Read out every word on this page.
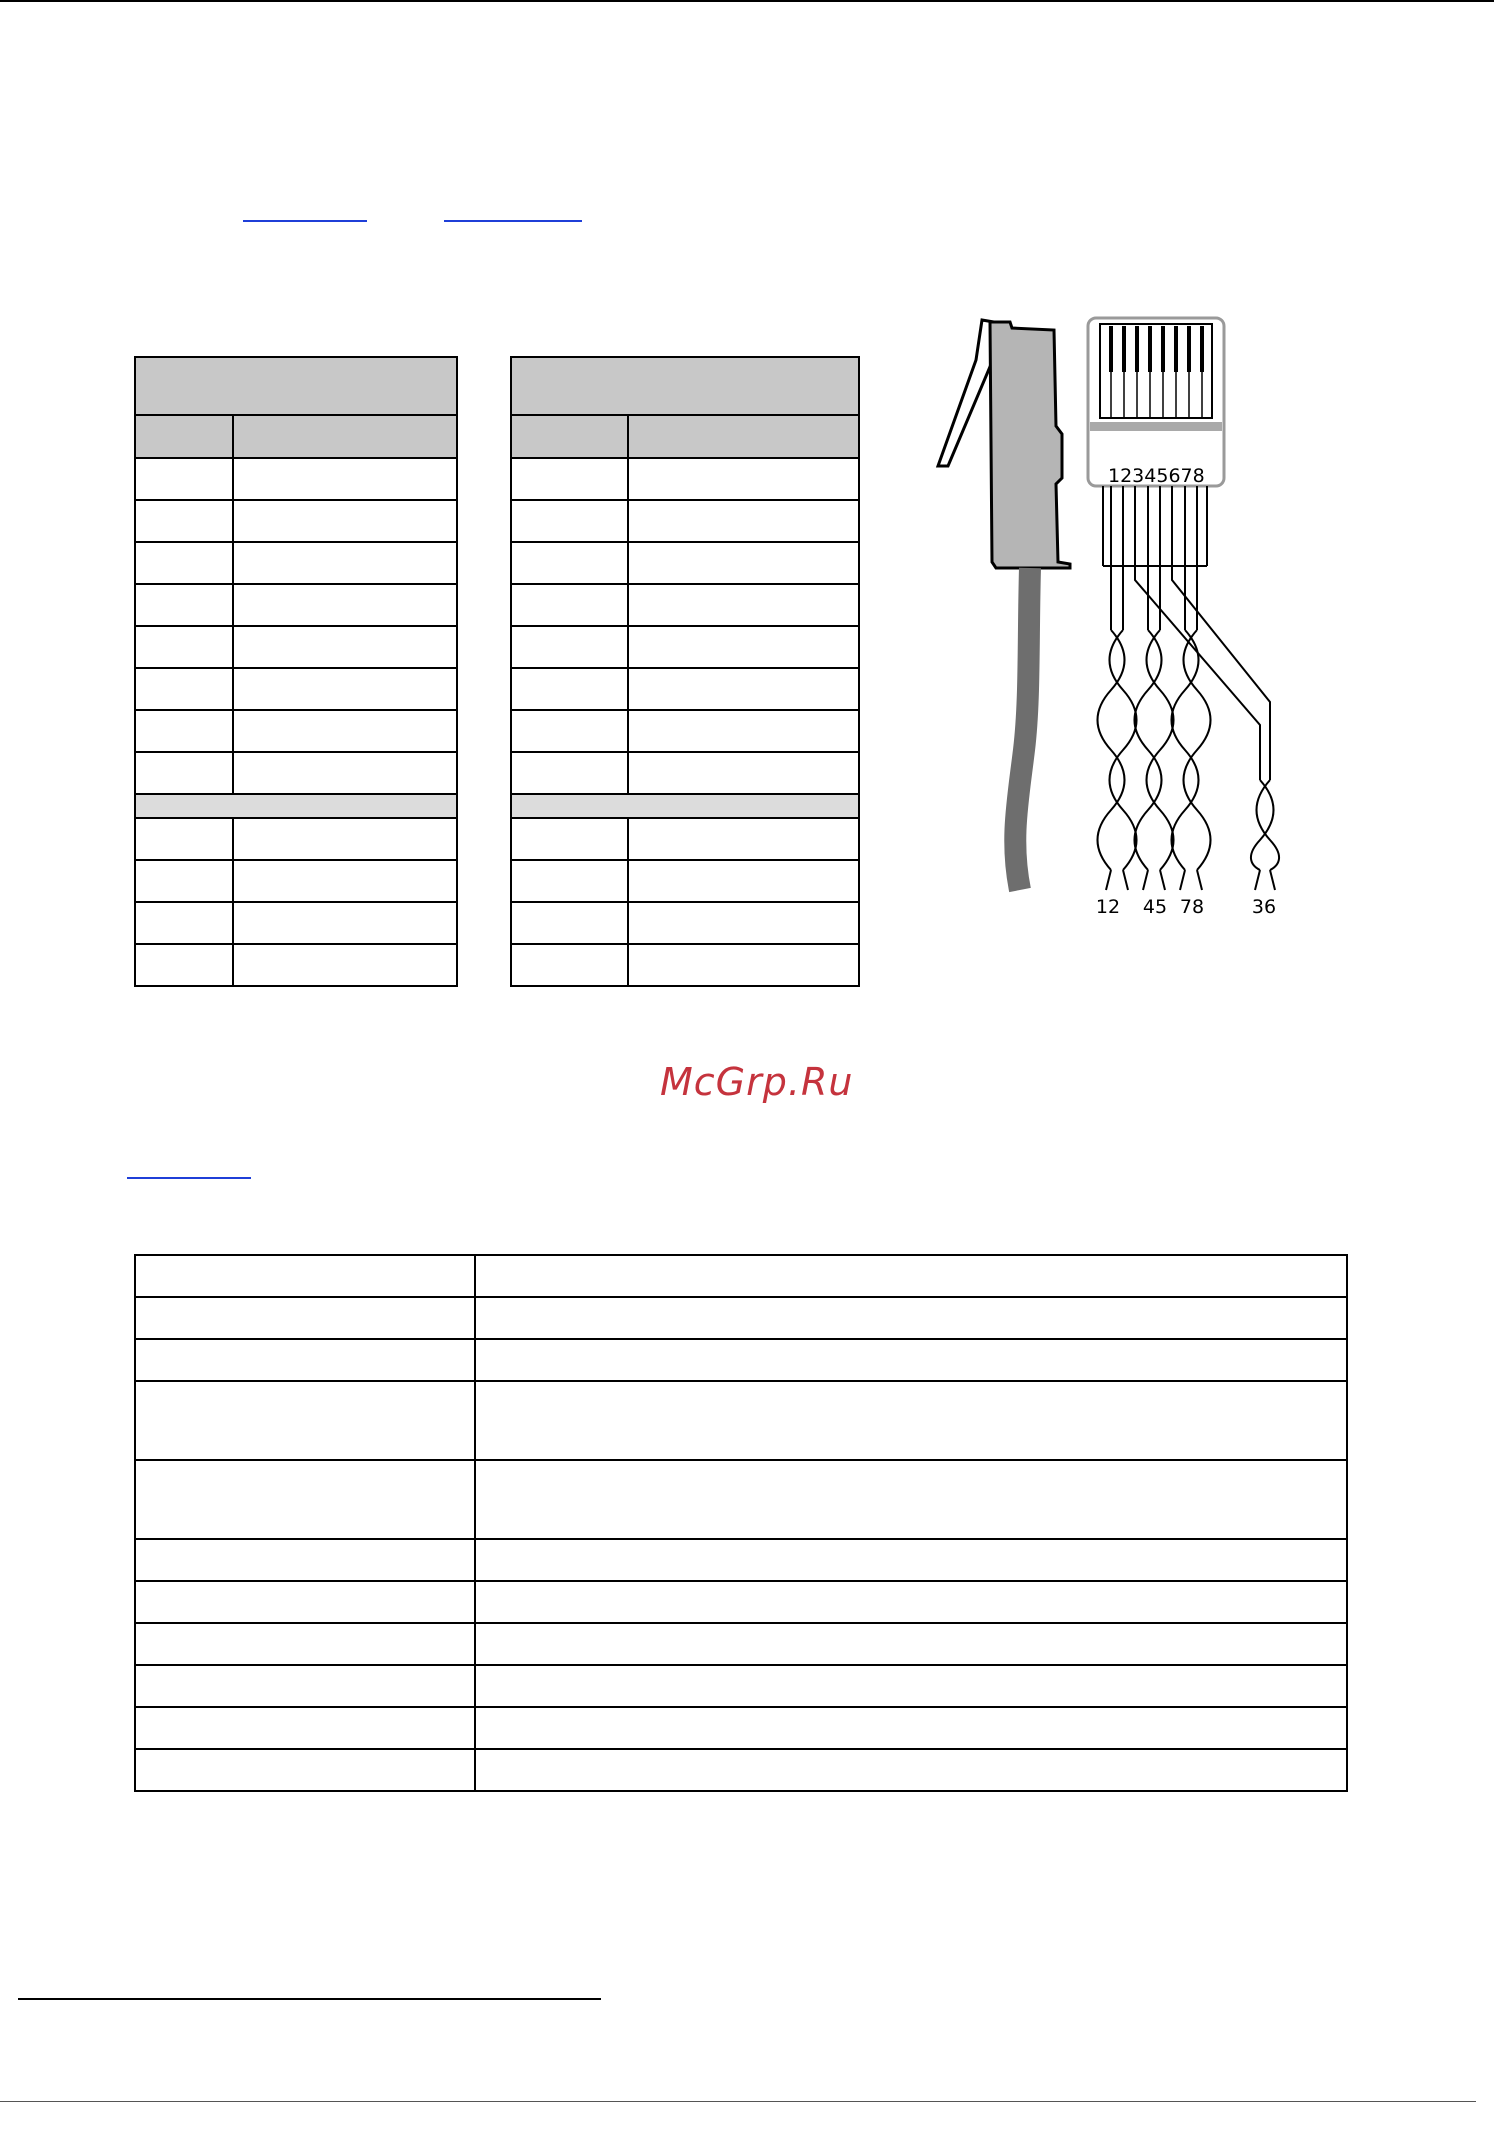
12345678
12 45 78	36
McGrp.Ru
